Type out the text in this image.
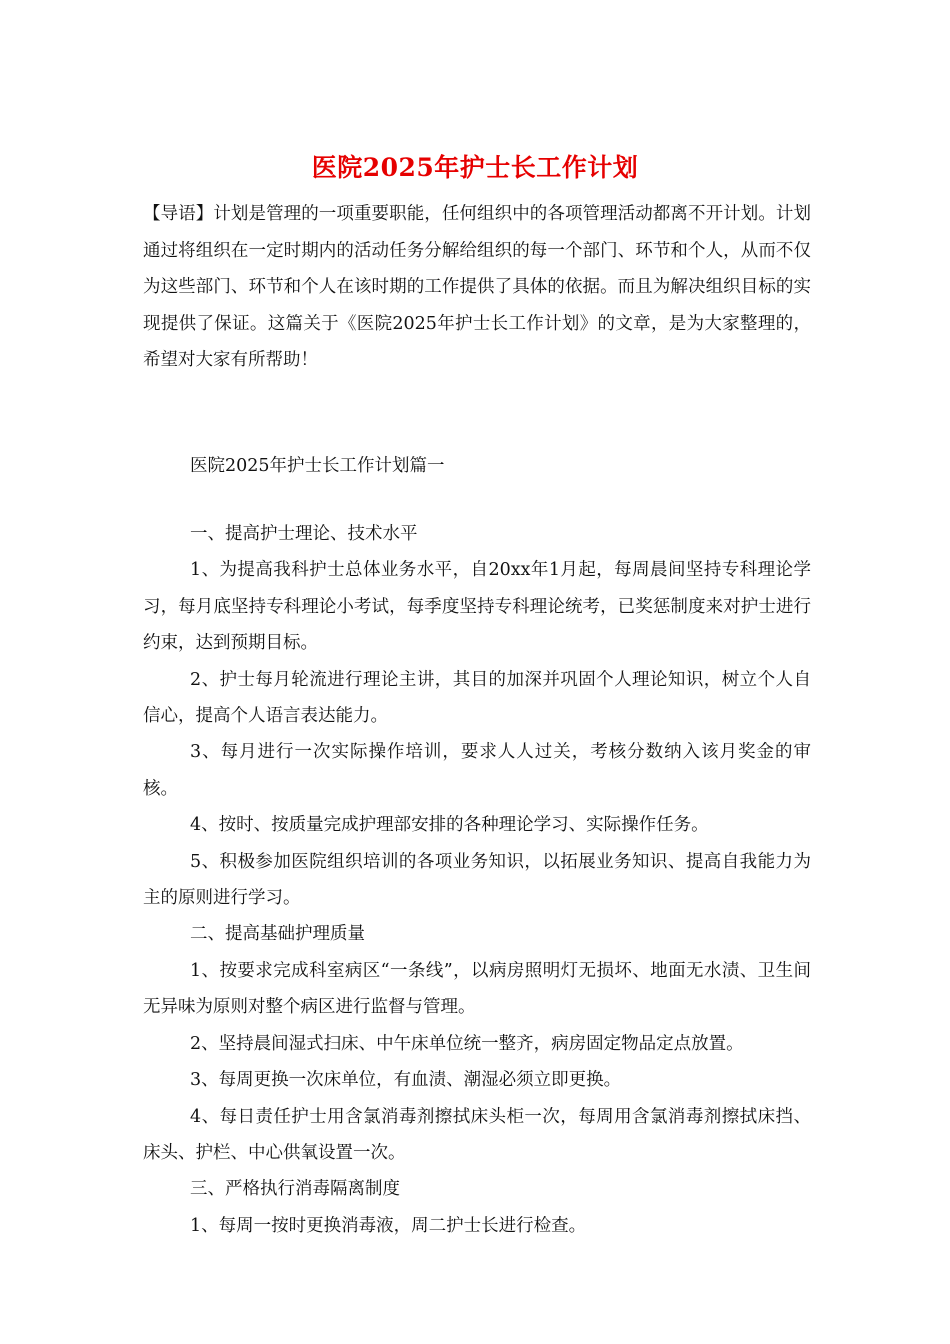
医院2025年护士长工作计划
【导语】计划是管理的一项重要职能，任何组织中的各项管理活动都离不开计划。计划通过将组织在一定时期内的活动任务分解给组织的每一个部门、环节和个人，从而不仅为这些部门、环节和个人在该时期的工作提供了具体的依据。而且为解决组织目标的实现提供了保证。这篇关于《医院2025年护士长工作计划》的文章，是为大家整理的，希望对大家有所帮助！
医院2025年护士长工作计划篇一

一、提高护士理论、技术水平

1、为提高我科护士总体业务水平，自20xx年1月起，每周晨间坚持专科理论学习，每月底坚持专科理论小考试，每季度坚持专科理论统考，已奖惩制度来对护士进行约束，达到预期目标。

2、护士每月轮流进行理论主讲，其目的加深并巩固个人理论知识，树立个人自信心，提高个人语言表达能力。

3、每月进行一次实际操作培训，要求人人过关，考核分数纳入该月奖金的审核。

4、按时、按质量完成护理部安排的各种理论学习、实际操作任务。

5、积极参加医院组织培训的各项业务知识，以拓展业务知识、提高自我能力为主的原则进行学习。

二、提高基础护理质量

1、按要求完成科室病区“一条线”，以病房照明灯无损坏、地面无水渍、卫生间无异味为原则对整个病区进行监督与管理。

2、坚持晨间湿式扫床、中午床单位统一整齐，病房固定物品定点放置。

3、每周更换一次床单位，有血渍、潮湿必须立即更换。

4、每日责任护士用含氯消毒剂擦拭床头柜一次，每周用含氯消毒剂擦拭床挡、床头、护栏、中心供氧设置一次。

三、严格执行消毒隔离制度

1、每周一按时更换消毒液，周二护士长进行检查。
